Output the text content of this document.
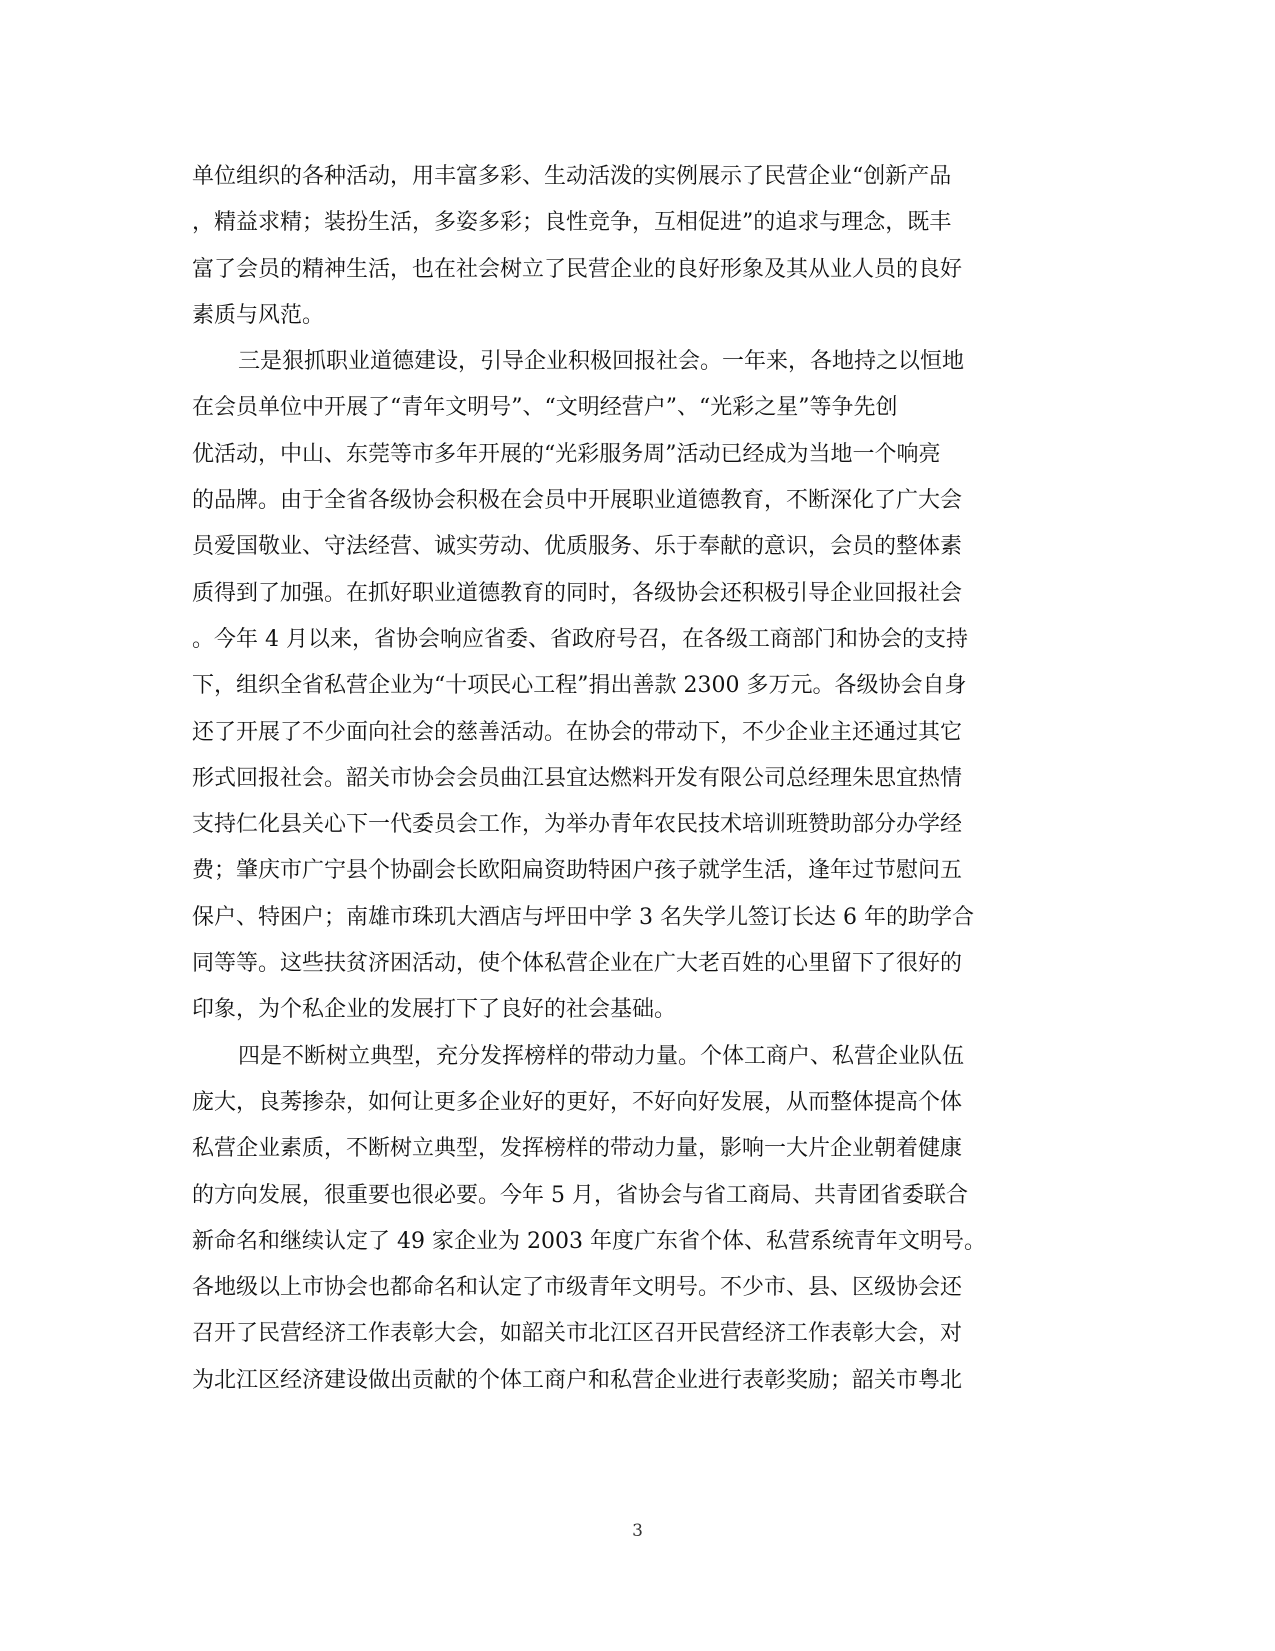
单位组织的各种活动，用丰富多彩、生动活泼的实例展示了民营企业“创新产品
，精益求精；装扮生活，多姿多彩；良性竞争，互相促进”的追求与理念，既丰
富了会员的精神生活，也在社会树立了民营企业的良好形象及其从业人员的良好
素质与风范。
三是狠抓职业道德建设，引导企业积极回报社会。一年来，各地持之以恒地
在会员单位中开展了“青年文明号”、“文明经营户”、“光彩之星”等争先创
优活动，中山、东莞等市多年开展的“光彩服务周”活动已经成为当地一个响亮
的品牌。由于全省各级协会积极在会员中开展职业道德教育，不断深化了广大会
员爱国敬业、守法经营、诚实劳动、优质服务、乐于奉献的意识，会员的整体素
质得到了加强。在抓好职业道德教育的同时，各级协会还积极引导企业回报社会
。今年 4 月以来，省协会响应省委、省政府号召，在各级工商部门和协会的支持
下，组织全省私营企业为“十项民心工程”捐出善款 2300 多万元。各级协会自身
还了开展了不少面向社会的慈善活动。在协会的带动下，不少企业主还通过其它
形式回报社会。韶关市协会会员曲江县宜达燃料开发有限公司总经理朱思宜热情
支持仁化县关心下一代委员会工作，为举办青年农民技术培训班赞助部分办学经
费；肇庆市广宁县个协副会长欧阳扁资助特困户孩子就学生活，逢年过节慰问五
保户、特困户；南雄市珠玑大酒店与坪田中学 3 名失学儿签订长达 6 年的助学合
同等等。这些扶贫济困活动，使个体私营企业在广大老百姓的心里留下了很好的
印象，为个私企业的发展打下了良好的社会基础。
四是不断树立典型，充分发挥榜样的带动力量。个体工商户、私营企业队伍
庞大，良莠掺杂，如何让更多企业好的更好，不好向好发展，从而整体提高个体
私营企业素质，不断树立典型，发挥榜样的带动力量，影响一大片企业朝着健康
的方向发展，很重要也很必要。今年 5 月，省协会与省工商局、共青团省委联合
新命名和继续认定了 49 家企业为 2003 年度广东省个体、私营系统青年文明号。
各地级以上市协会也都命名和认定了市级青年文明号。不少市、县、区级协会还
召开了民营经济工作表彰大会，如韶关市北江区召开民营经济工作表彰大会，对
为北江区经济建设做出贡献的个体工商户和私营企业进行表彰奖励；韶关市粤北
3
